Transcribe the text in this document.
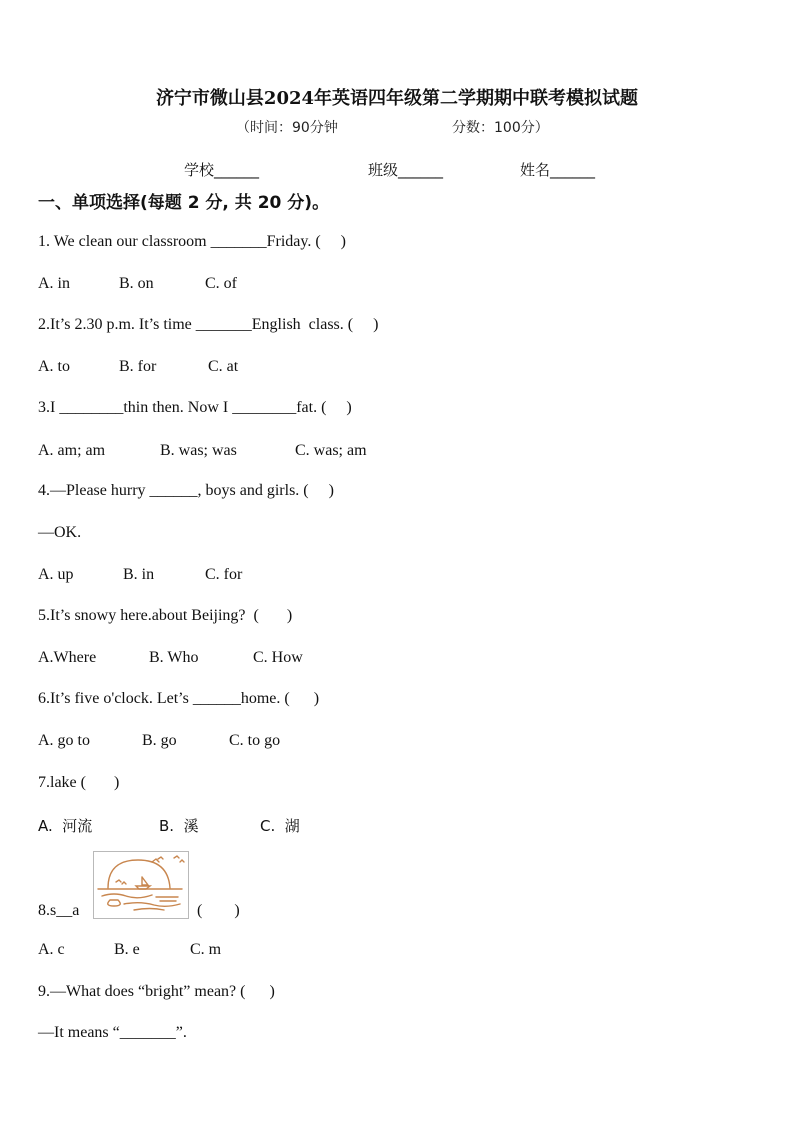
济宁市微山县2024年英语四年级第二学期期中联考模拟试题
（时间：90分钟	分数：100分）
学校______	班级______	姓名______
一、单项选择(每题 2 分, 共 20 分)。
1. We clean our classroom _______Friday. (     )
A. in	B. on	C. of
2.It’s 2.30 p.m. It’s time _______English  class. (     )
A. to	B. for	C. at
3.I ________thin then. Now I ________fat. (     )
A. am; am	B. was; was	C. was; am
4.—Please hurry ______, boys and girls. (     )
—OK.
A. up	B. in	C. for
5.It’s snowy here.about Beijing?  (       )
A.Where	B. Who	C. How
6.It’s five o'clock. Let’s ______home. (      )
A. go to	B. go	C. to go
7.lake (       )
A.  河流	B.  溪	C.  湖
8.s__a	(        )
A. c	B. e	C. m
9.—What does “bright” mean? (      )
—It means “_______”.
